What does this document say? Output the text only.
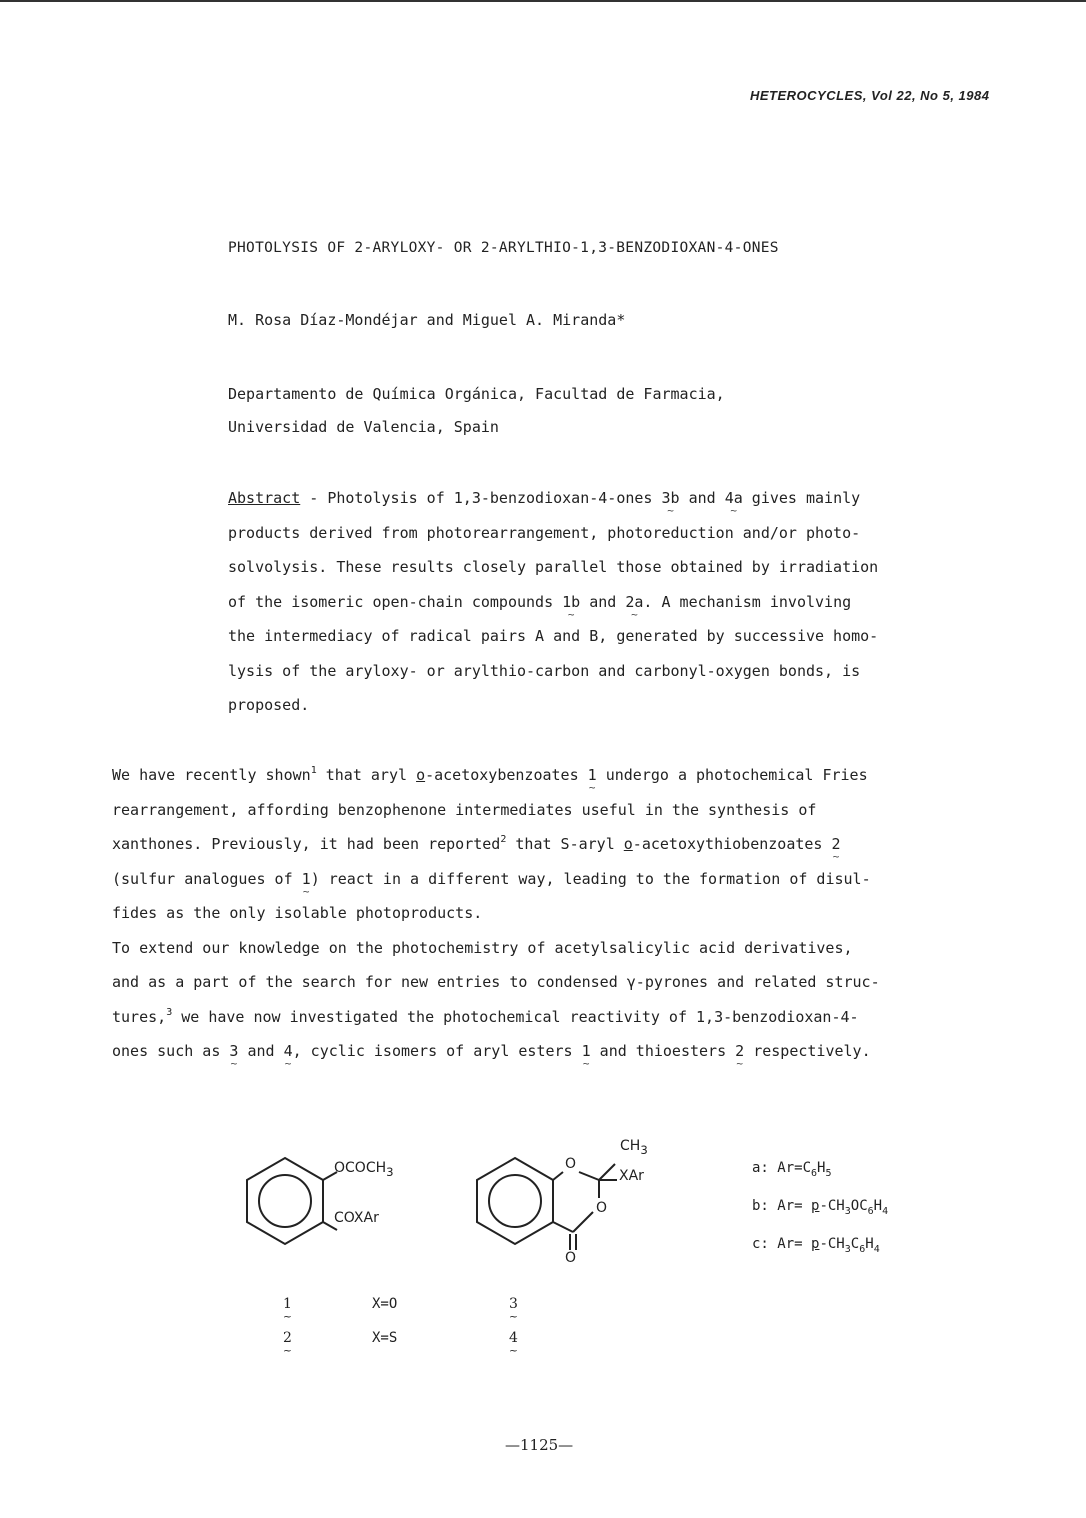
HETEROCYCLES, Vol 22, No 5, 1984
PHOTOLYSIS OF 2-ARYLOXY- OR 2-ARYLTHIO-1,3-BENZODIOXAN-4-ONES
M. Rosa Díaz-Mondéjar and Miguel A. Miranda*
Departamento de Química Orgánica, Facultad de Farmacia,
Universidad de Valencia, Spain
Abstract - Photolysis of 1,3-benzodioxan-4-ones 3b ~ and 4a ~ gives mainly
products derived from photorearrangement, photoreduction and/or photo-
solvolysis. These results closely parallel those obtained by irradiation
of the isomeric open-chain compounds 1b ~ and 2a ~. A mechanism involving
the intermediacy of radical pairs A and B, generated by successive homo-
lysis of the aryloxy- or arylthio-carbon and carbonyl-oxygen bonds, is
proposed.
We have recently shown$^1$ that aryl o-acetoxybenzoates 1 ~ undergo a photochemical Fries
rearrangement, affording benzophenone intermediates useful in the synthesis of
xanthones. Previously, it had been reported$^2$ that S-aryl o-acetoxythiobenzoates 2 ~
(sulfur analogues of 1 ~) react in a different way, leading to the formation of disul-
fides as the only isolable photoproducts.
To extend our knowledge on the photochemistry of acetylsalicylic acid derivatives,
and as a part of the search for new entries to condensed γ-pyrones and related struc-
tures,$^3$ we have now investigated the photochemical reactivity of 1,3-benzodioxan-4-
ones such as 3 ~ and 4 ~, cyclic isomers of aryl esters 1 ~ and thioesters 2 ~ respectively.
$OCOCH_3$
COXAr
$CH_3$
XAr
O
O
O
a: $Ar=C_6H_5$
b: $Ar= p-CH_3OC_6H_4$
c: $Ar= p-CH_3C_6H_4$
1 ~
2 ~
3 ~
4 ~
X=O
X=S
—1125—
